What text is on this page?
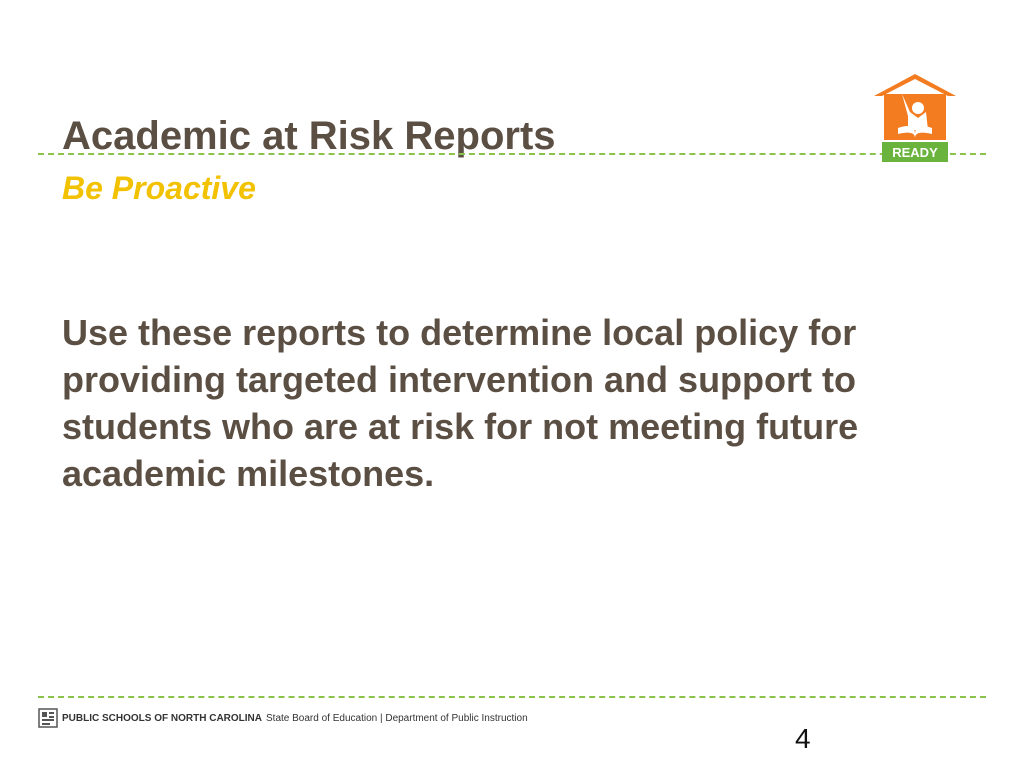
Academic at Risk Reports
Be Proactive
READY

Use these reports to determine local policy for providing targeted intervention and support to students who are at risk for not meeting future academic milestones.

PUBLIC SCHOOLS OF NORTH CAROLINA State Board of Education | Department of Public Instruction
4
